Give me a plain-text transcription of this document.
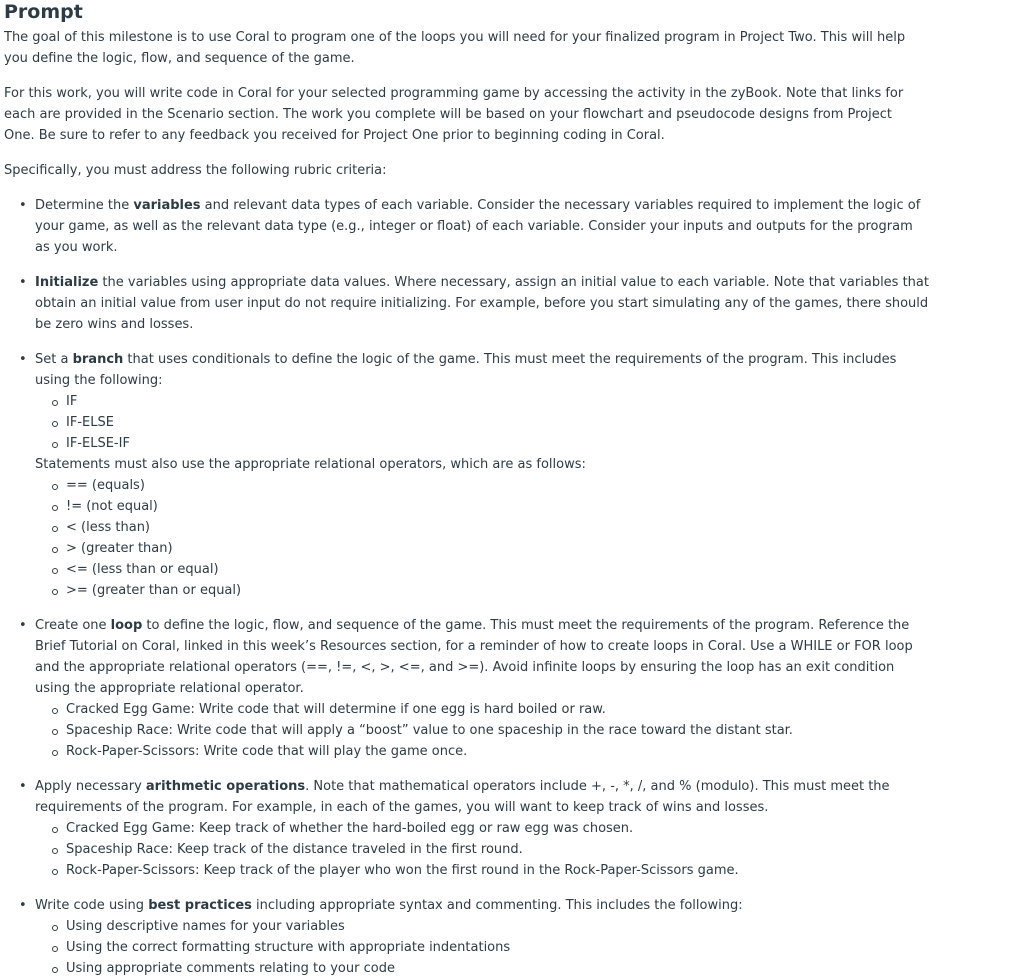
Prompt

The goal of this milestone is to use Coral to program one of the loops you will need for your finalized program in Project Two. This will help you define the logic, flow, and sequence of the game.

For this work, you will write code in Coral for your selected programming game by accessing the activity in the zyBook. Note that links for each are provided in the Scenario section. The work you complete will be based on your flowchart and pseudocode designs from Project One. Be sure to refer to any feedback you received for Project One prior to beginning coding in Coral.

Specifically, you must address the following rubric criteria:

• Determine the variables and relevant data types of each variable. Consider the necessary variables required to implement the logic of your game, as well as the relevant data type (e.g., integer or float) of each variable. Consider your inputs and outputs for the program as you work.
• Initialize the variables using appropriate data values. Where necessary, assign an initial value to each variable. Note that variables that obtain an initial value from user input do not require initializing. For example, before you start simulating any of the games, there should be zero wins and losses.
• Set a branch that uses conditionals to define the logic of the game. This must meet the requirements of the program. This includes using the following:
IF
IF-ELSE
IF-ELSE-IF
Statements must also use the appropriate relational operators, which are as follows:
== (equals)
!= (not equal)
< (less than)
> (greater than)
<= (less than or equal)
>= (greater than or equal)
• Create one loop to define the logic, flow, and sequence of the game. This must meet the requirements of the program. Reference the Brief Tutorial on Coral, linked in this week’s Resources section, for a reminder of how to create loops in Coral. Use a WHILE or FOR loop and the appropriate relational operators (==, !=, <, >, <=, and >=). Avoid infinite loops by ensuring the loop has an exit condition using the appropriate relational operator.
Cracked Egg Game: Write code that will determine if one egg is hard boiled or raw.
Spaceship Race: Write code that will apply a “boost” value to one spaceship in the race toward the distant star.
Rock-Paper-Scissors: Write code that will play the game once.
• Apply necessary arithmetic operations. Note that mathematical operators include +, -, *, /, and % (modulo). This must meet the requirements of the program. For example, in each of the games, you will want to keep track of wins and losses.
Cracked Egg Game: Keep track of whether the hard-boiled egg or raw egg was chosen.
Spaceship Race: Keep track of the distance traveled in the first round.
Rock-Paper-Scissors: Keep track of the player who won the first round in the Rock-Paper-Scissors game.
• Write code using best practices including appropriate syntax and commenting. This includes the following:
Using descriptive names for your variables
Using the correct formatting structure with appropriate indentations
Using appropriate comments relating to your code
